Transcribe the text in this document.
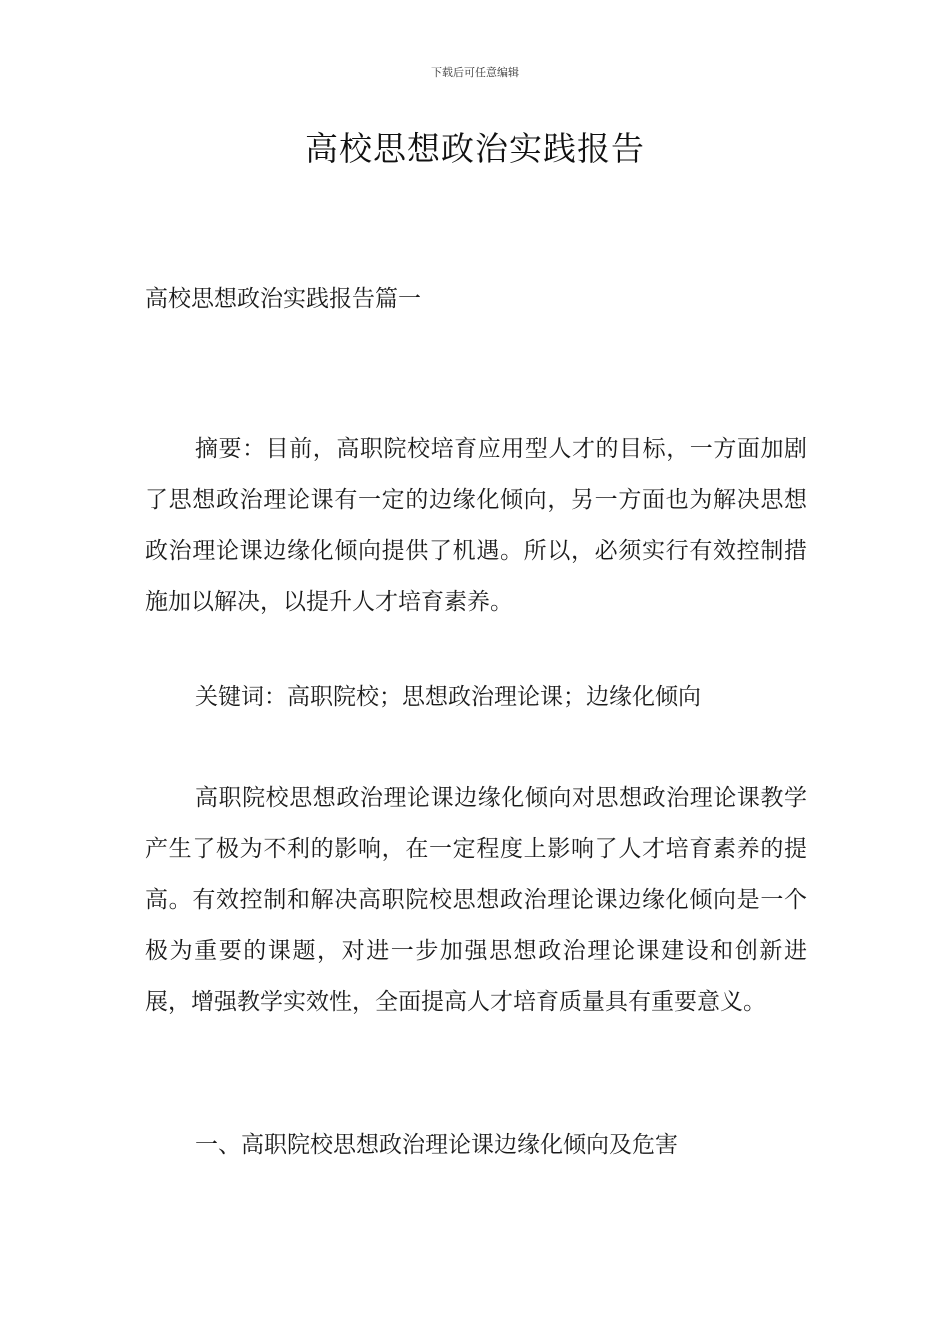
下载后可任意编辑
高校思想政治实践报告
高校思想政治实践报告篇一

摘要：目前，高职院校培育应用型人才的目标，一方面加剧了思想政治理论课有一定的边缘化倾向，另一方面也为解决思想政治理论课边缘化倾向提供了机遇。所以，必须实行有效控制措施加以解决，以提升人才培育素养。

关键词：高职院校；思想政治理论课；边缘化倾向

高职院校思想政治理论课边缘化倾向对思想政治理论课教学产生了极为不利的影响，在一定程度上影响了人才培育素养的提高。有效控制和解决高职院校思想政治理论课边缘化倾向是一个极为重要的课题，对进一步加强思想政治理论课建设和创新进展，增强教学实效性，全面提高人才培育质量具有重要意义。

一、高职院校思想政治理论课边缘化倾向及危害
